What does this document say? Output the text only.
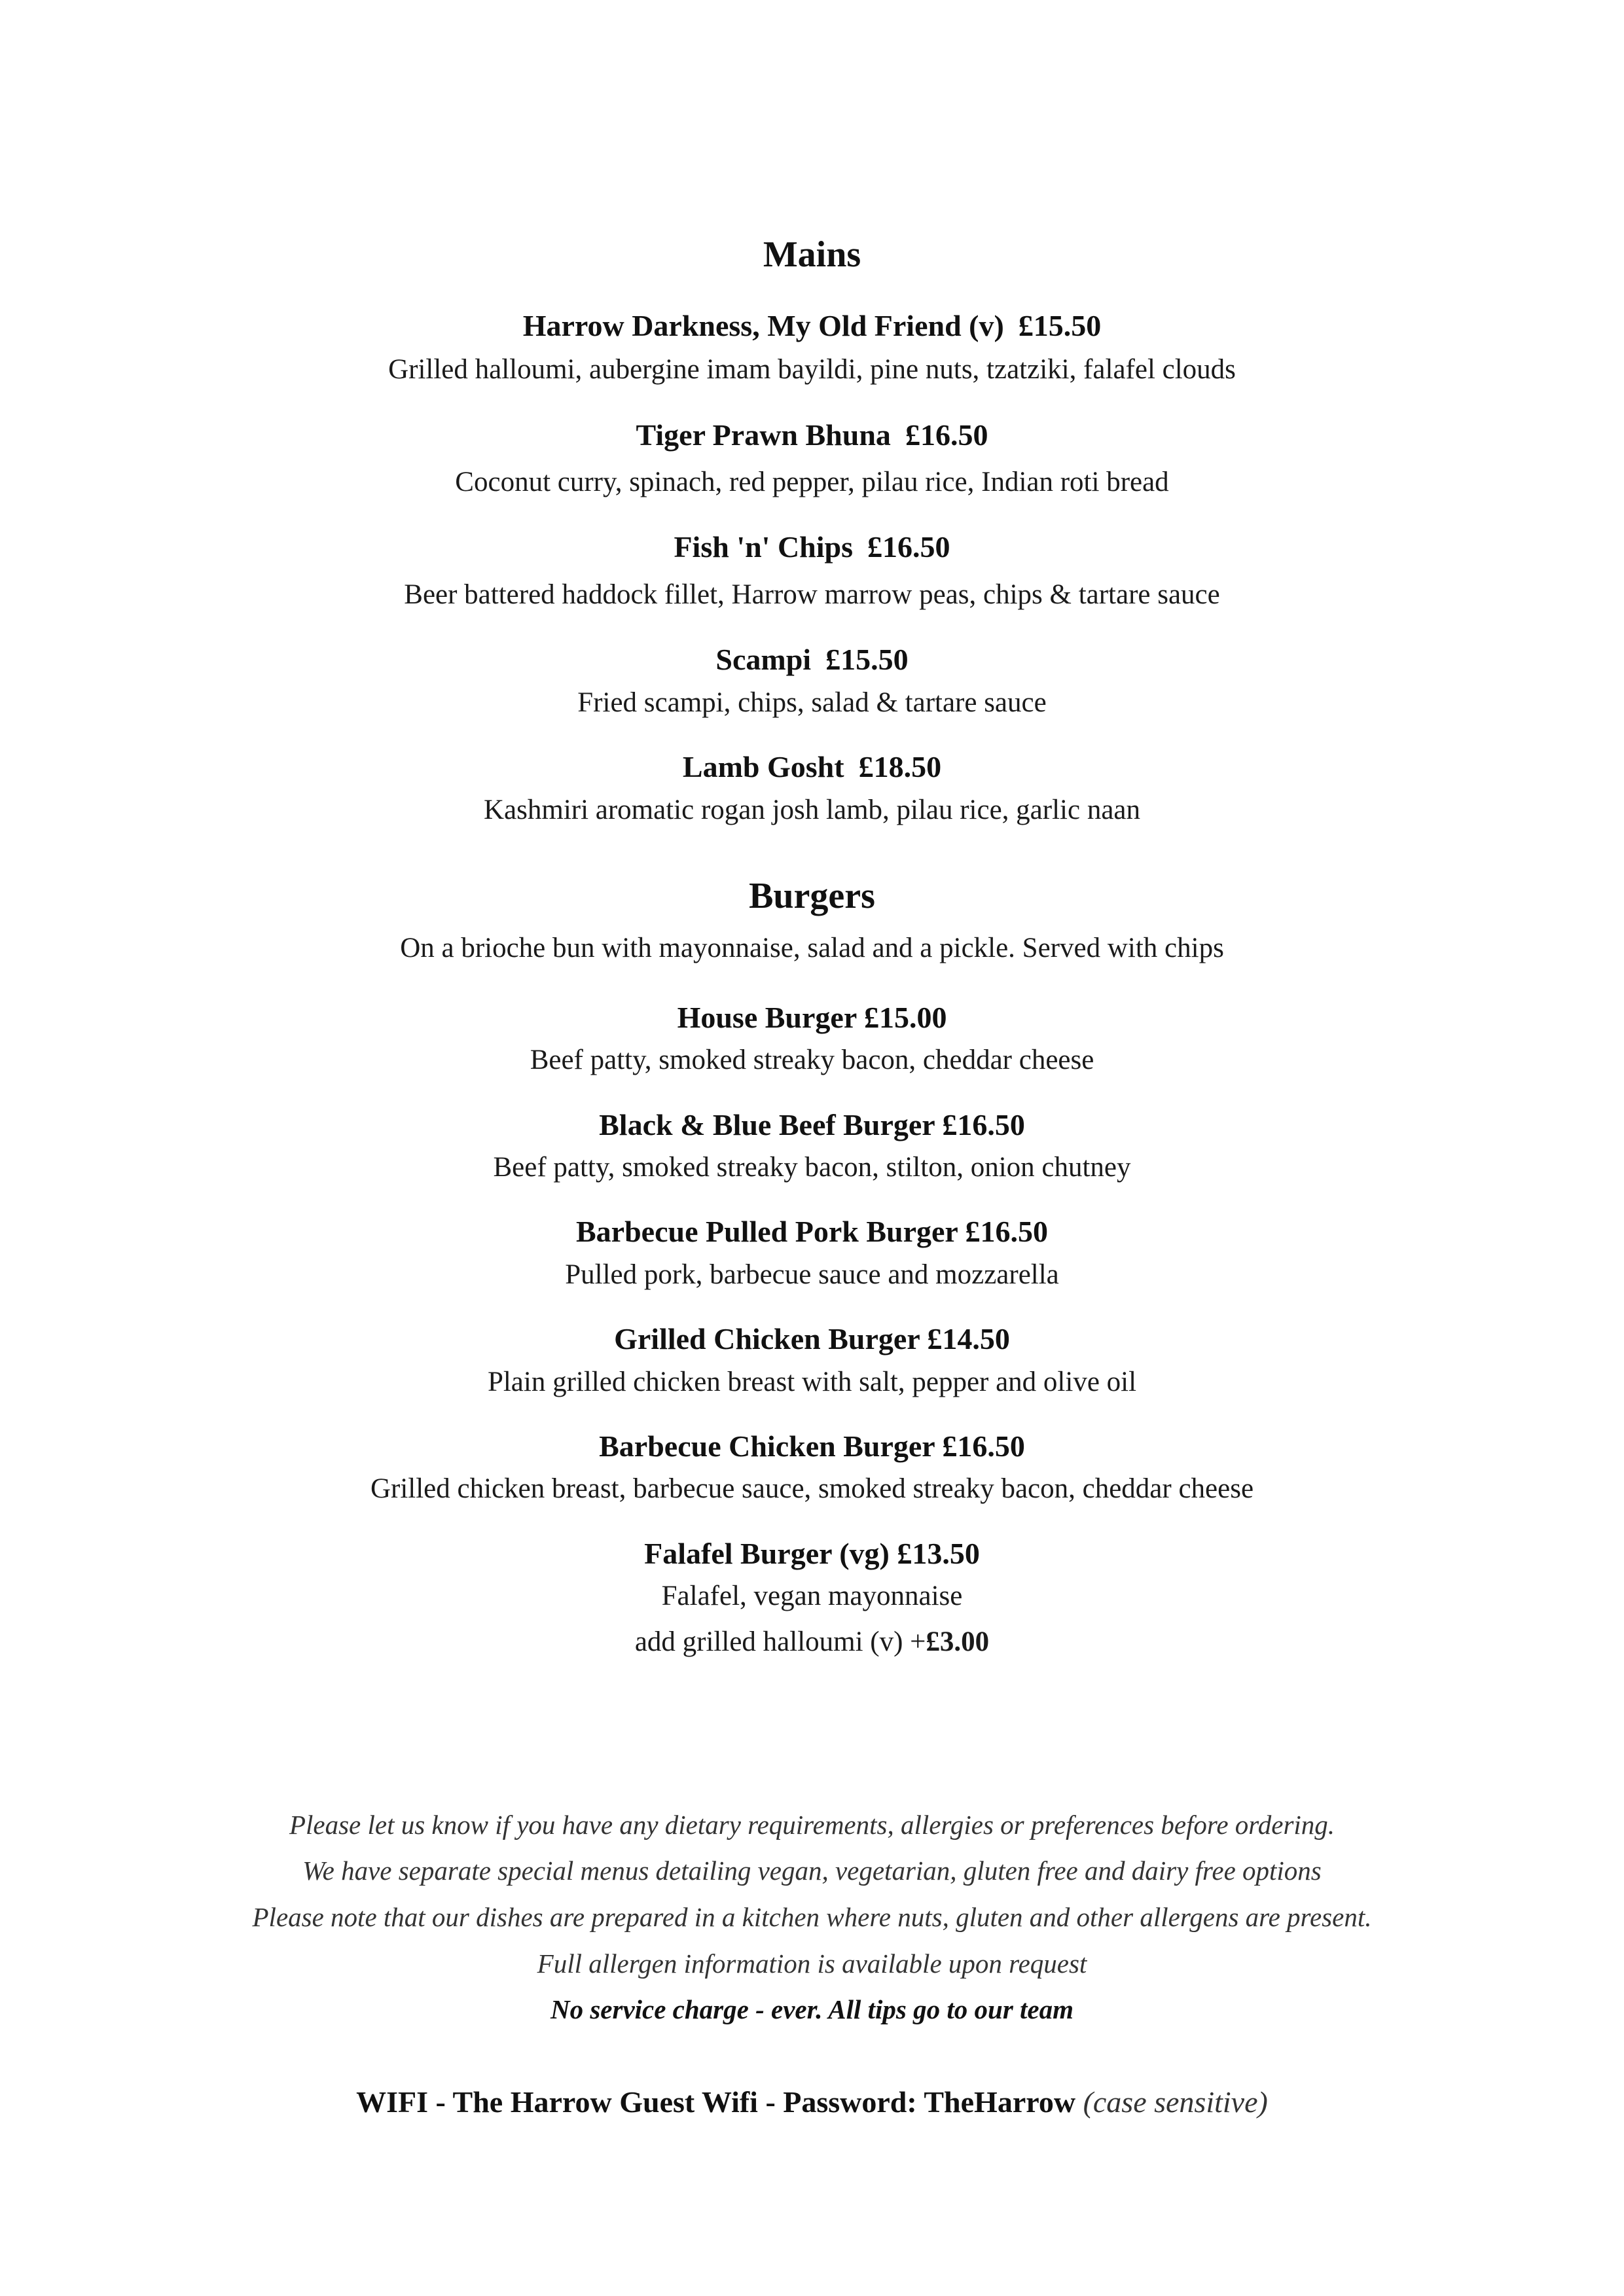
Mains
Harrow Darkness, My Old Friend (v) £15.50
Grilled halloumi, aubergine imam bayildi, pine nuts, tzatziki, falafel clouds
Tiger Prawn Bhuna £16.50
Coconut curry, spinach, red pepper, pilau rice, Indian roti bread
Fish 'n' Chips £16.50
Beer battered haddock fillet, Harrow marrow peas, chips & tartare sauce
Scampi £15.50
Fried scampi, chips, salad & tartare sauce
Lamb Gosht £18.50
Kashmiri aromatic rogan josh lamb, pilau rice, garlic naan
Burgers
On a brioche bun with mayonnaise, salad and a pickle. Served with chips
House Burger £15.00
Beef patty, smoked streaky bacon, cheddar cheese
Black & Blue Beef Burger £16.50
Beef patty, smoked streaky bacon, stilton, onion chutney
Barbecue Pulled Pork Burger £16.50
Pulled pork, barbecue sauce and mozzarella
Grilled Chicken Burger £14.50
Plain grilled chicken breast with salt, pepper and olive oil
Barbecue Chicken Burger £16.50
Grilled chicken breast, barbecue sauce, smoked streaky bacon, cheddar cheese
Falafel Burger (vg) £13.50
Falafel, vegan mayonnaise
add grilled halloumi (v) +£3.00
Please let us know if you have any dietary requirements, allergies or preferences before ordering.
We have separate special menus detailing vegan, vegetarian, gluten free and dairy free options
Please note that our dishes are prepared in a kitchen where nuts, gluten and other allergens are present.
Full allergen information is available upon request
No service charge - ever. All tips go to our team
WIFI - The Harrow Guest Wifi - Password: TheHarrow (case sensitive)
